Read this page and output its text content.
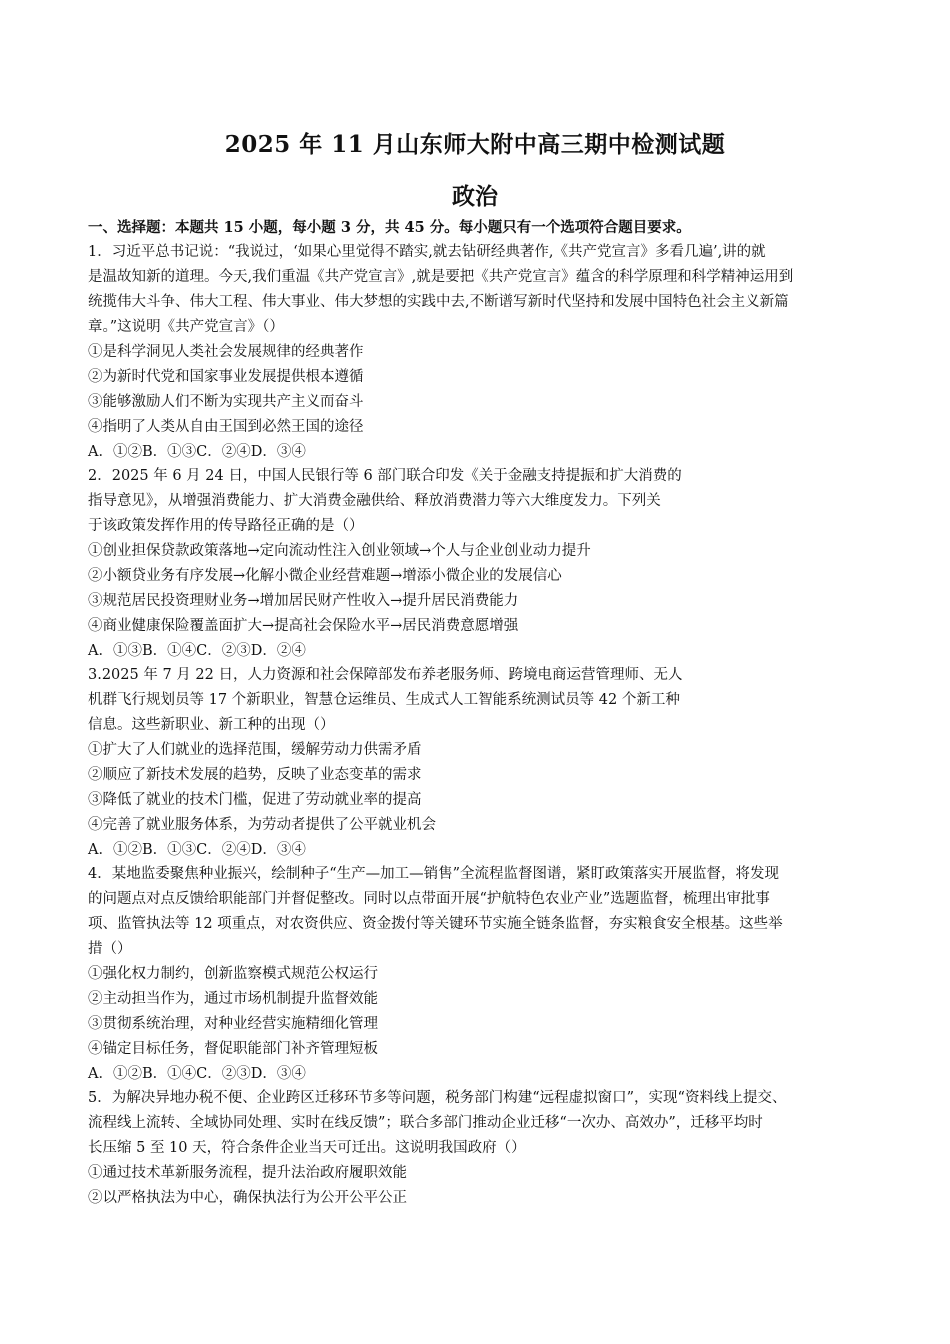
2025 年 11 月山东师大附中高三期中检测试题
政治
一、选择题：本题共 15 小题，每小题 3 分，共 45 分。每小题只有一个选项符合题目要求。
1．习近平总书记说：“我说过，‘如果心里觉得不踏实,就去钻研经典著作,《共产党宣言》多看几遍’,讲的就
是温故知新的道理。今天,我们重温《共产党宣言》,就是要把《共产党宣言》蕴含的科学原理和科学精神运用到
统揽伟大斗争、伟大工程、伟大事业、伟大梦想的实践中去,不断谱写新时代坚持和发展中国特色社会主义新篇
章。”这说明《共产党宣言》（）
①是科学洞见人类社会发展规律的经典著作
②为新时代党和国家事业发展提供根本遵循
③能够激励人们不断为实现共产主义而奋斗
④指明了人类从自由王国到必然王国的途径
A．①②B．①③C．②④D．③④
2．2025 年 6 月 24 日，中国人民银行等 6 部门联合印发《关于金融支持提振和扩大消费的
指导意见》，从增强消费能力、扩大消费金融供给、释放消费潜力等六大维度发力。下列关
于该政策发挥作用的传导路径正确的是（）
①创业担保贷款政策落地→定向流动性注入创业领域→个人与企业创业动力提升
②小额贷业务有序发展→化解小微企业经营难题→增添小微企业的发展信心
③规范居民投资理财业务→增加居民财产性收入→提升居民消费能力
④商业健康保险覆盖面扩大→提高社会保险水平→居民消费意愿增强
A．①③B．①④C．②③D．②④
3.2025 年 7 月 22 日，人力资源和社会保障部发布养老服务师、跨境电商运营管理师、无人
机群飞行规划员等 17 个新职业，智慧仓运维员、生成式人工智能系统测试员等 42 个新工种
信息。这些新职业、新工种的出现（）
①扩大了人们就业的选择范围，缓解劳动力供需矛盾
②顺应了新技术发展的趋势，反映了业态变革的需求
③降低了就业的技术门槛，促进了劳动就业率的提高
④完善了就业服务体系，为劳动者提供了公平就业机会
A．①②B．①③C．②④D．③④
4．某地监委聚焦种业振兴，绘制种子“生产—加工—销售”全流程监督图谱，紧盯政策落实开展监督，将发现
的问题点对点反馈给职能部门并督促整改。同时以点带面开展“护航特色农业产业”选题监督，梳理出审批事
项、监管执法等 12 项重点，对农资供应、资金拨付等关键环节实施全链条监督，夯实粮食安全根基。这些举
措（）
①强化权力制约，创新监察模式规范公权运行
②主动担当作为，通过市场机制提升监督效能
③贯彻系统治理，对种业经营实施精细化管理
④锚定目标任务，督促职能部门补齐管理短板
A．①②B．①④C．②③D．③④
5．为解决异地办税不便、企业跨区迁移环节多等问题，税务部门构建“远程虚拟窗口”，实现“资料线上提交、
流程线上流转、全域协同处理、实时在线反馈”；联合多部门推动企业迁移“一次办、高效办”，迁移平均时
长压缩 5 至 10 天，符合条件企业当天可迁出。这说明我国政府（）
①通过技术革新服务流程，提升法治政府履职效能
②以严格执法为中心，确保执法行为公开公平公正
